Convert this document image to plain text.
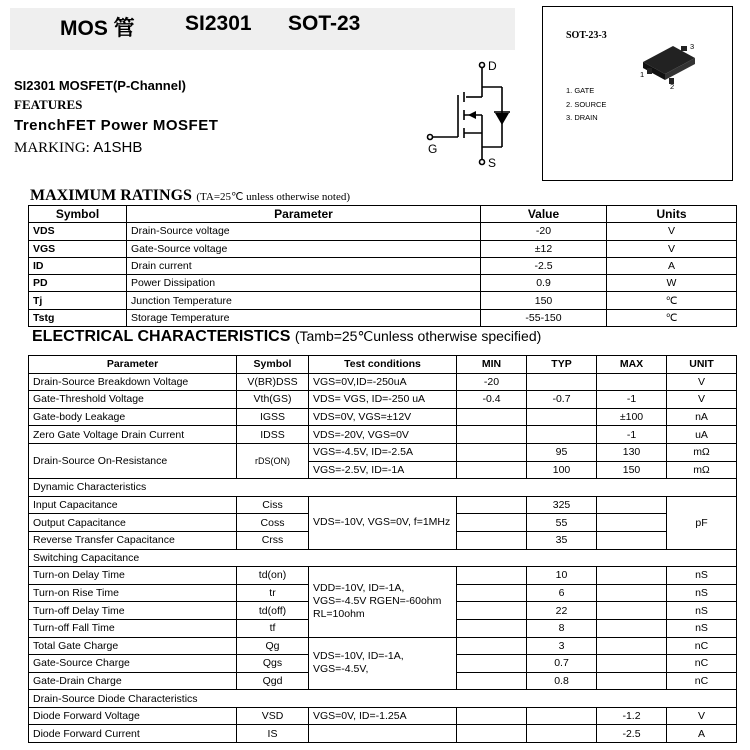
MOS 管 SI2301 SOT-23
SI2301 MOSFET(P-Channel)
FEATURES
TrenchFET Power MOSFET
MARKING: A1SHB
D
G
S
SOT-23-3
3
1
2
1. GATE
2. SOURCE
3. DRAIN
MAXIMUM RATINGS (TA=25℃ unless otherwise noted)
Symbol	Parameter	Value	Units
VDS	Drain-Source voltage	-20	V
VGS	Gate-Source voltage	±12	V
ID	Drain current	-2.5	A
PD	Power Dissipation	0.9	W
Tj	Junction Temperature	150	℃
Tstg	Storage Temperature	-55-150	℃
ELECTRICAL CHARACTERISTICS (Tamb=25℃unless otherwise specified)
Parameter	Symbol	Test conditions	MIN	TYP	MAX	UNIT
Drain-Source Breakdown Voltage	V(BR)DSS	VGS=0V,ID=-250uA	-20			V
Gate-Threshold Voltage	Vth(GS)	VDS= VGS, ID=-250 uA	-0.4	-0.7	-1	V
Gate-body Leakage	IGSS	VDS=0V, VGS=±12V			±100	nA
Zero Gate Voltage Drain Current	IDSS	VDS=-20V, VGS=0V			-1	uA
Drain-Source On-Resistance	rDS(ON)	VGS=-4.5V, ID=-2.5A		95	130	mΩ
		VGS=-2.5V, ID=-1A		100	150	mΩ
Dynamic Characteristics						
Input Capacitance	Ciss	VDS=-10V, VGS=0V, f=1MHz		325		pF
Output Capacitance	Coss			55		
Reverse Transfer Capacitance	Crss			35		
Switching Capacitance						
Turn-on Delay Time	td(on)	VDD=-10V, ID=-1A, VGS=-4.5V RGEN=-60ohm RL=10ohm		10		nS
Turn-on Rise Time	tr			6		nS
Turn-off Delay Time	td(off)			22		nS
Turn-off Fall Time	tf			8		nS
Total Gate Charge	Qg	VDS=-10V, ID=-1A, VGS=-4.5V,		3		nC
Gate-Source Charge	Qgs			0.7		nC
Gate-Drain Charge	Qgd			0.8		nC
Drain-Source Diode Characteristics						
Diode Forward Voltage	VSD	VGS=0V, ID=-1.25A			-1.2	V
Diode Forward Current	IS				-2.5	A
